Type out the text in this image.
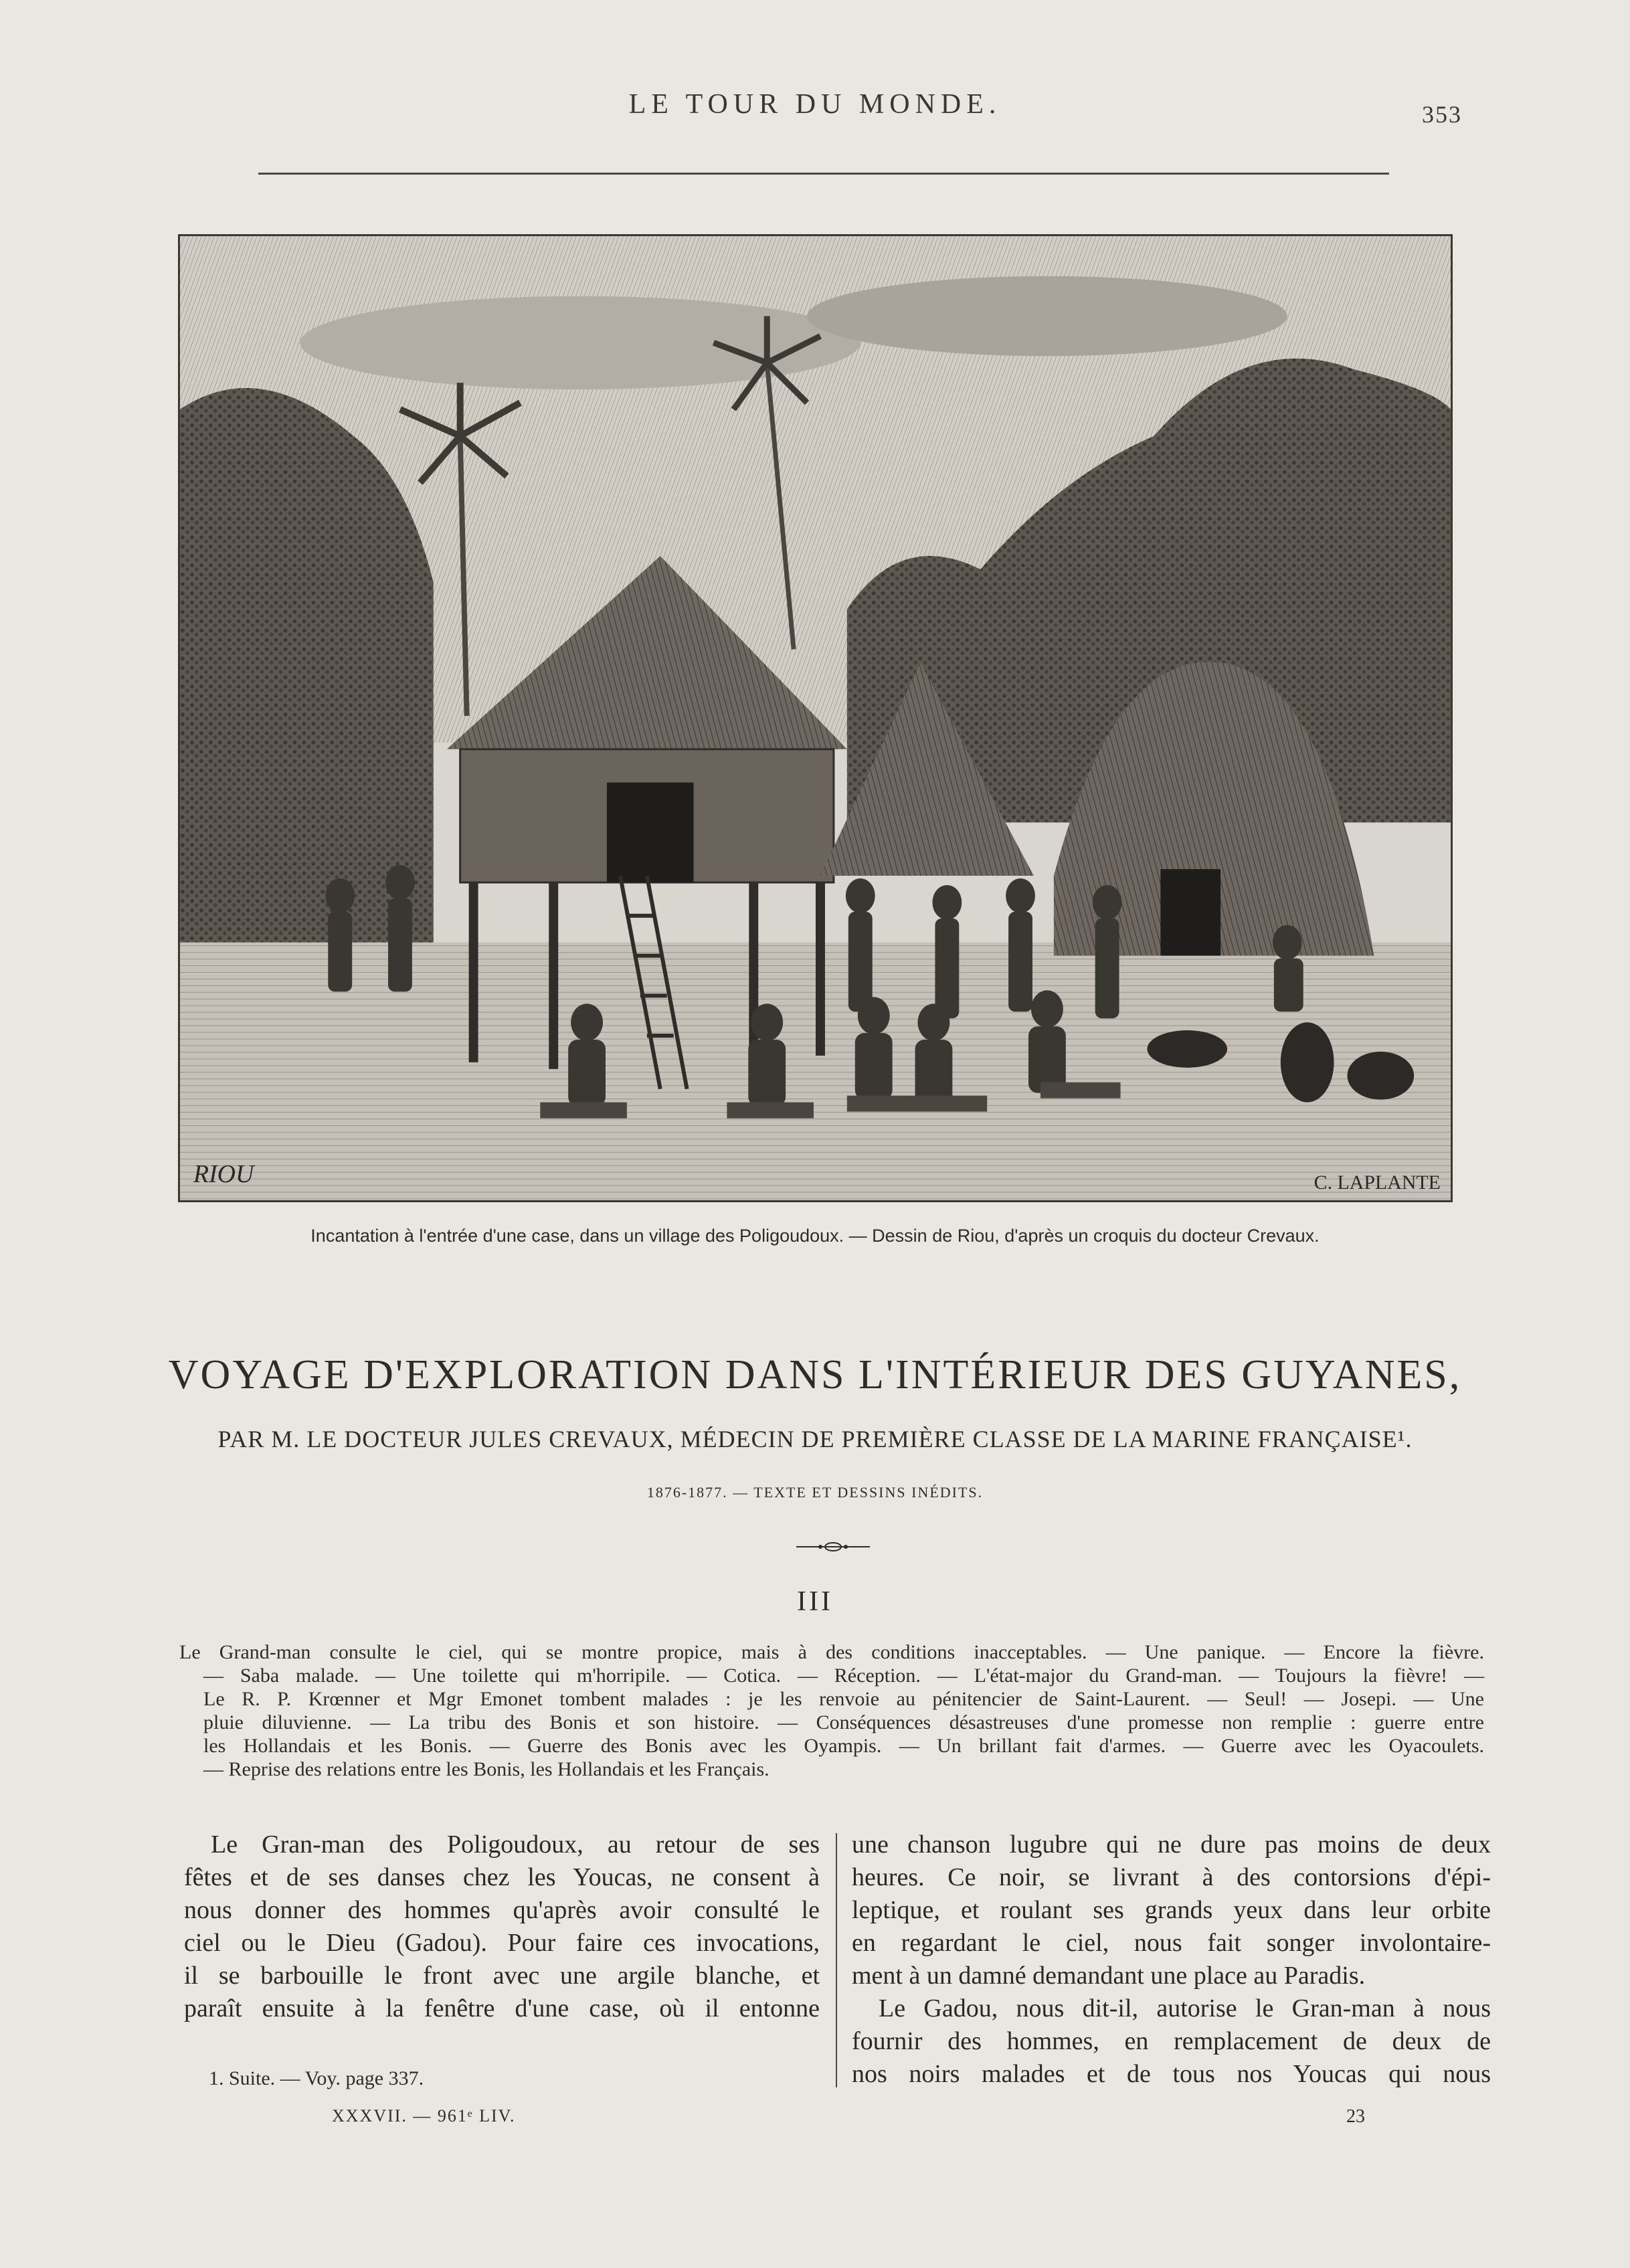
LE TOUR DU MONDE.	353
RIOU	C. LAPLANTE
Incantation à l'entrée d'une case, dans un village des Poligoudoux. — Dessin de Riou, d'après un croquis du docteur Crevaux.
VOYAGE D'EXPLORATION DANS L'INTÉRIEUR DES GUYANES,
PAR M. LE DOCTEUR JULES CREVAUX, MÉDECIN DE PREMIÈRE CLASSE DE LA MARINE FRANÇAISE¹.
1876-1877. — TEXTE ET DESSINS INÉDITS.
III
Le Grand-man consulte le ciel, qui se montre propice, mais à des conditions inacceptables. — Une panique. — Encore la fièvre.
— Saba malade. — Une toilette qui m'horripile. — Cotica. — Réception. — L'état-major du Grand-man. — Toujours la fièvre! —
Le R. P. Krœnner et Mgr Emonet tombent malades : je les renvoie au pénitencier de Saint-Laurent. — Seul! — Josepi. — Une
pluie diluvienne. — La tribu des Bonis et son histoire. — Conséquences désastreuses d'une promesse non remplie : guerre entre
les Hollandais et les Bonis. — Guerre des Bonis avec les Oyampis. — Un brillant fait d'armes. — Guerre avec les Oyacoulets.
— Reprise des relations entre les Bonis, les Hollandais et les Français.
Le Gran-man des Poligoudoux, au retour de ses
fêtes et de ses danses chez les Youcas, ne consent à
nous donner des hommes qu'après avoir consulté le
ciel ou le Dieu (Gadou). Pour faire ces invocations,
il se barbouille le front avec une argile blanche, et
paraît ensuite à la fenêtre d'une case, où il entonne
une chanson lugubre qui ne dure pas moins de deux
heures. Ce noir, se livrant à des contorsions d'épi-
leptique, et roulant ses grands yeux dans leur orbite
en regardant le ciel, nous fait songer involontaire-
ment à un damné demandant une place au Paradis.
Le Gadou, nous dit-il, autorise le Gran-man à nous
fournir des hommes, en remplacement de deux de
nos noirs malades et de tous nos Youcas qui nous
1. Suite. — Voy. page 337.
XXXVII. — 961ᵉ LIV.	23
